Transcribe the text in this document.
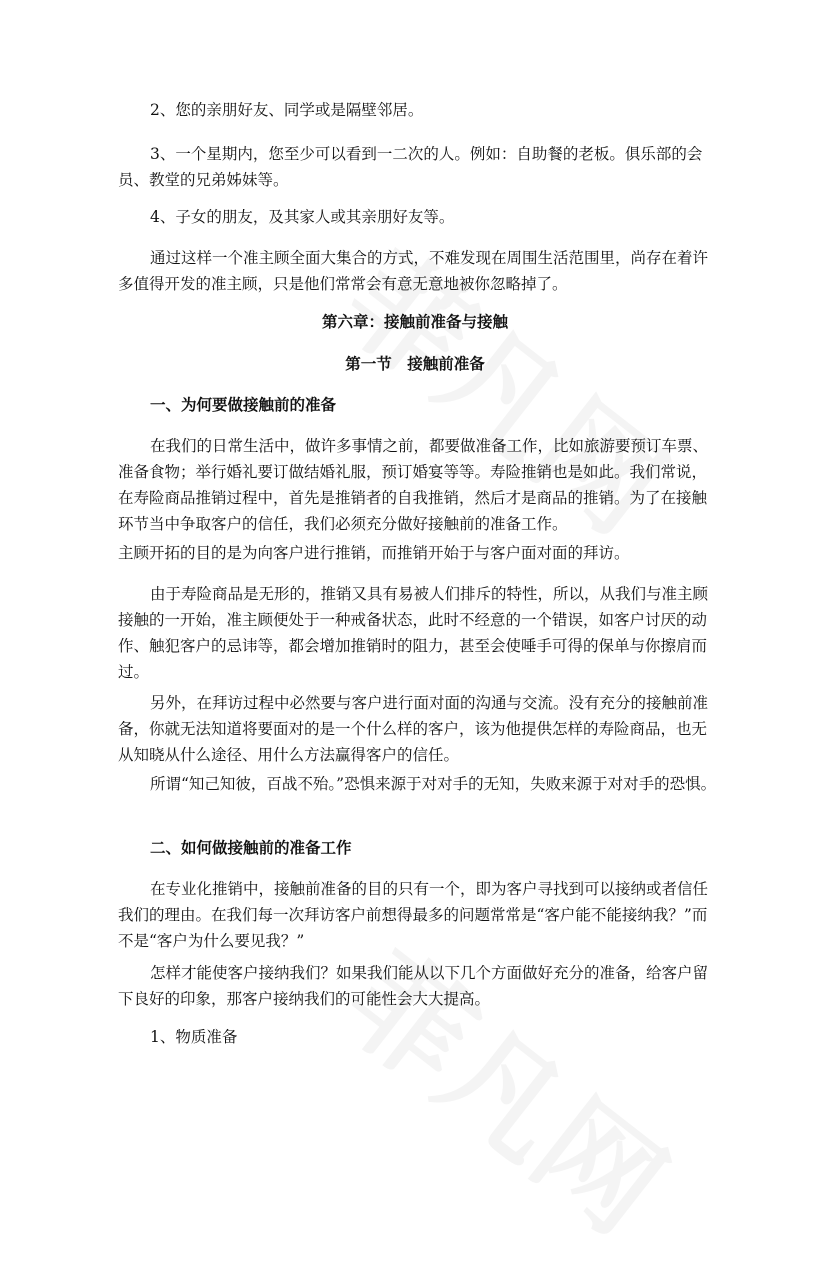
2、您的亲朋好友、同学或是隔壁邻居。

3、一个星期内，您至少可以看到一二次的人。例如：自助餐的老板。俱乐部的会员、教堂的兄弟姊妹等。

4、子女的朋友，及其家人或其亲朋好友等。

通过这样一个准主顾全面大集合的方式，不难发现在周围生活范围里，尚存在着许多值得开发的准主顾，只是他们常常会有意无意地被你忽略掉了。

第六章：接触前准备与接触
第一节　接触前准备
一、为何要做接触前的准备

在我们的日常生活中，做许多事情之前，都要做准备工作，比如旅游要预订车票、准备食物；举行婚礼要订做结婚礼服，预订婚宴等等。寿险推销也是如此。我们常说，在寿险商品推销过程中，首先是推销者的自我推销，然后才是商品的推销。为了在接触环节当中争取客户的信任，我们必须充分做好接触前的准备工作。

主顾开拓的目的是为向客户进行推销，而推销开始于与客户面对面的拜访。

由于寿险商品是无形的，推销又具有易被人们排斥的特性，所以，从我们与准主顾接触的一开始，准主顾便处于一种戒备状态，此时不经意的一个错误，如客户讨厌的动作、触犯客户的忌讳等，都会增加推销时的阻力，甚至会使唾手可得的保单与你擦肩而过。

另外，在拜访过程中必然要与客户进行面对面的沟通与交流。没有充分的接触前准备，你就无法知道将要面对的是一个什么样的客户，该为他提供怎样的寿险商品，也无从知晓从什么途径、用什么方法赢得客户的信任。

所谓“知己知彼，百战不殆。”恐惧来源于对对手的无知，失败来源于对对手的恐惧。

二、如何做接触前的准备工作

在专业化推销中，接触前准备的目的只有一个，即为客户寻找到可以接纳或者信任我们的理由。在我们每一次拜访客户前想得最多的问题常常是“客户能不能接纳我？”而不是“客户为什么要见我？”

怎样才能使客户接纳我们？如果我们能从以下几个方面做好充分的准备，给客户留下良好的印象，那客户接纳我们的可能性会大大提高。

1、物质准备
